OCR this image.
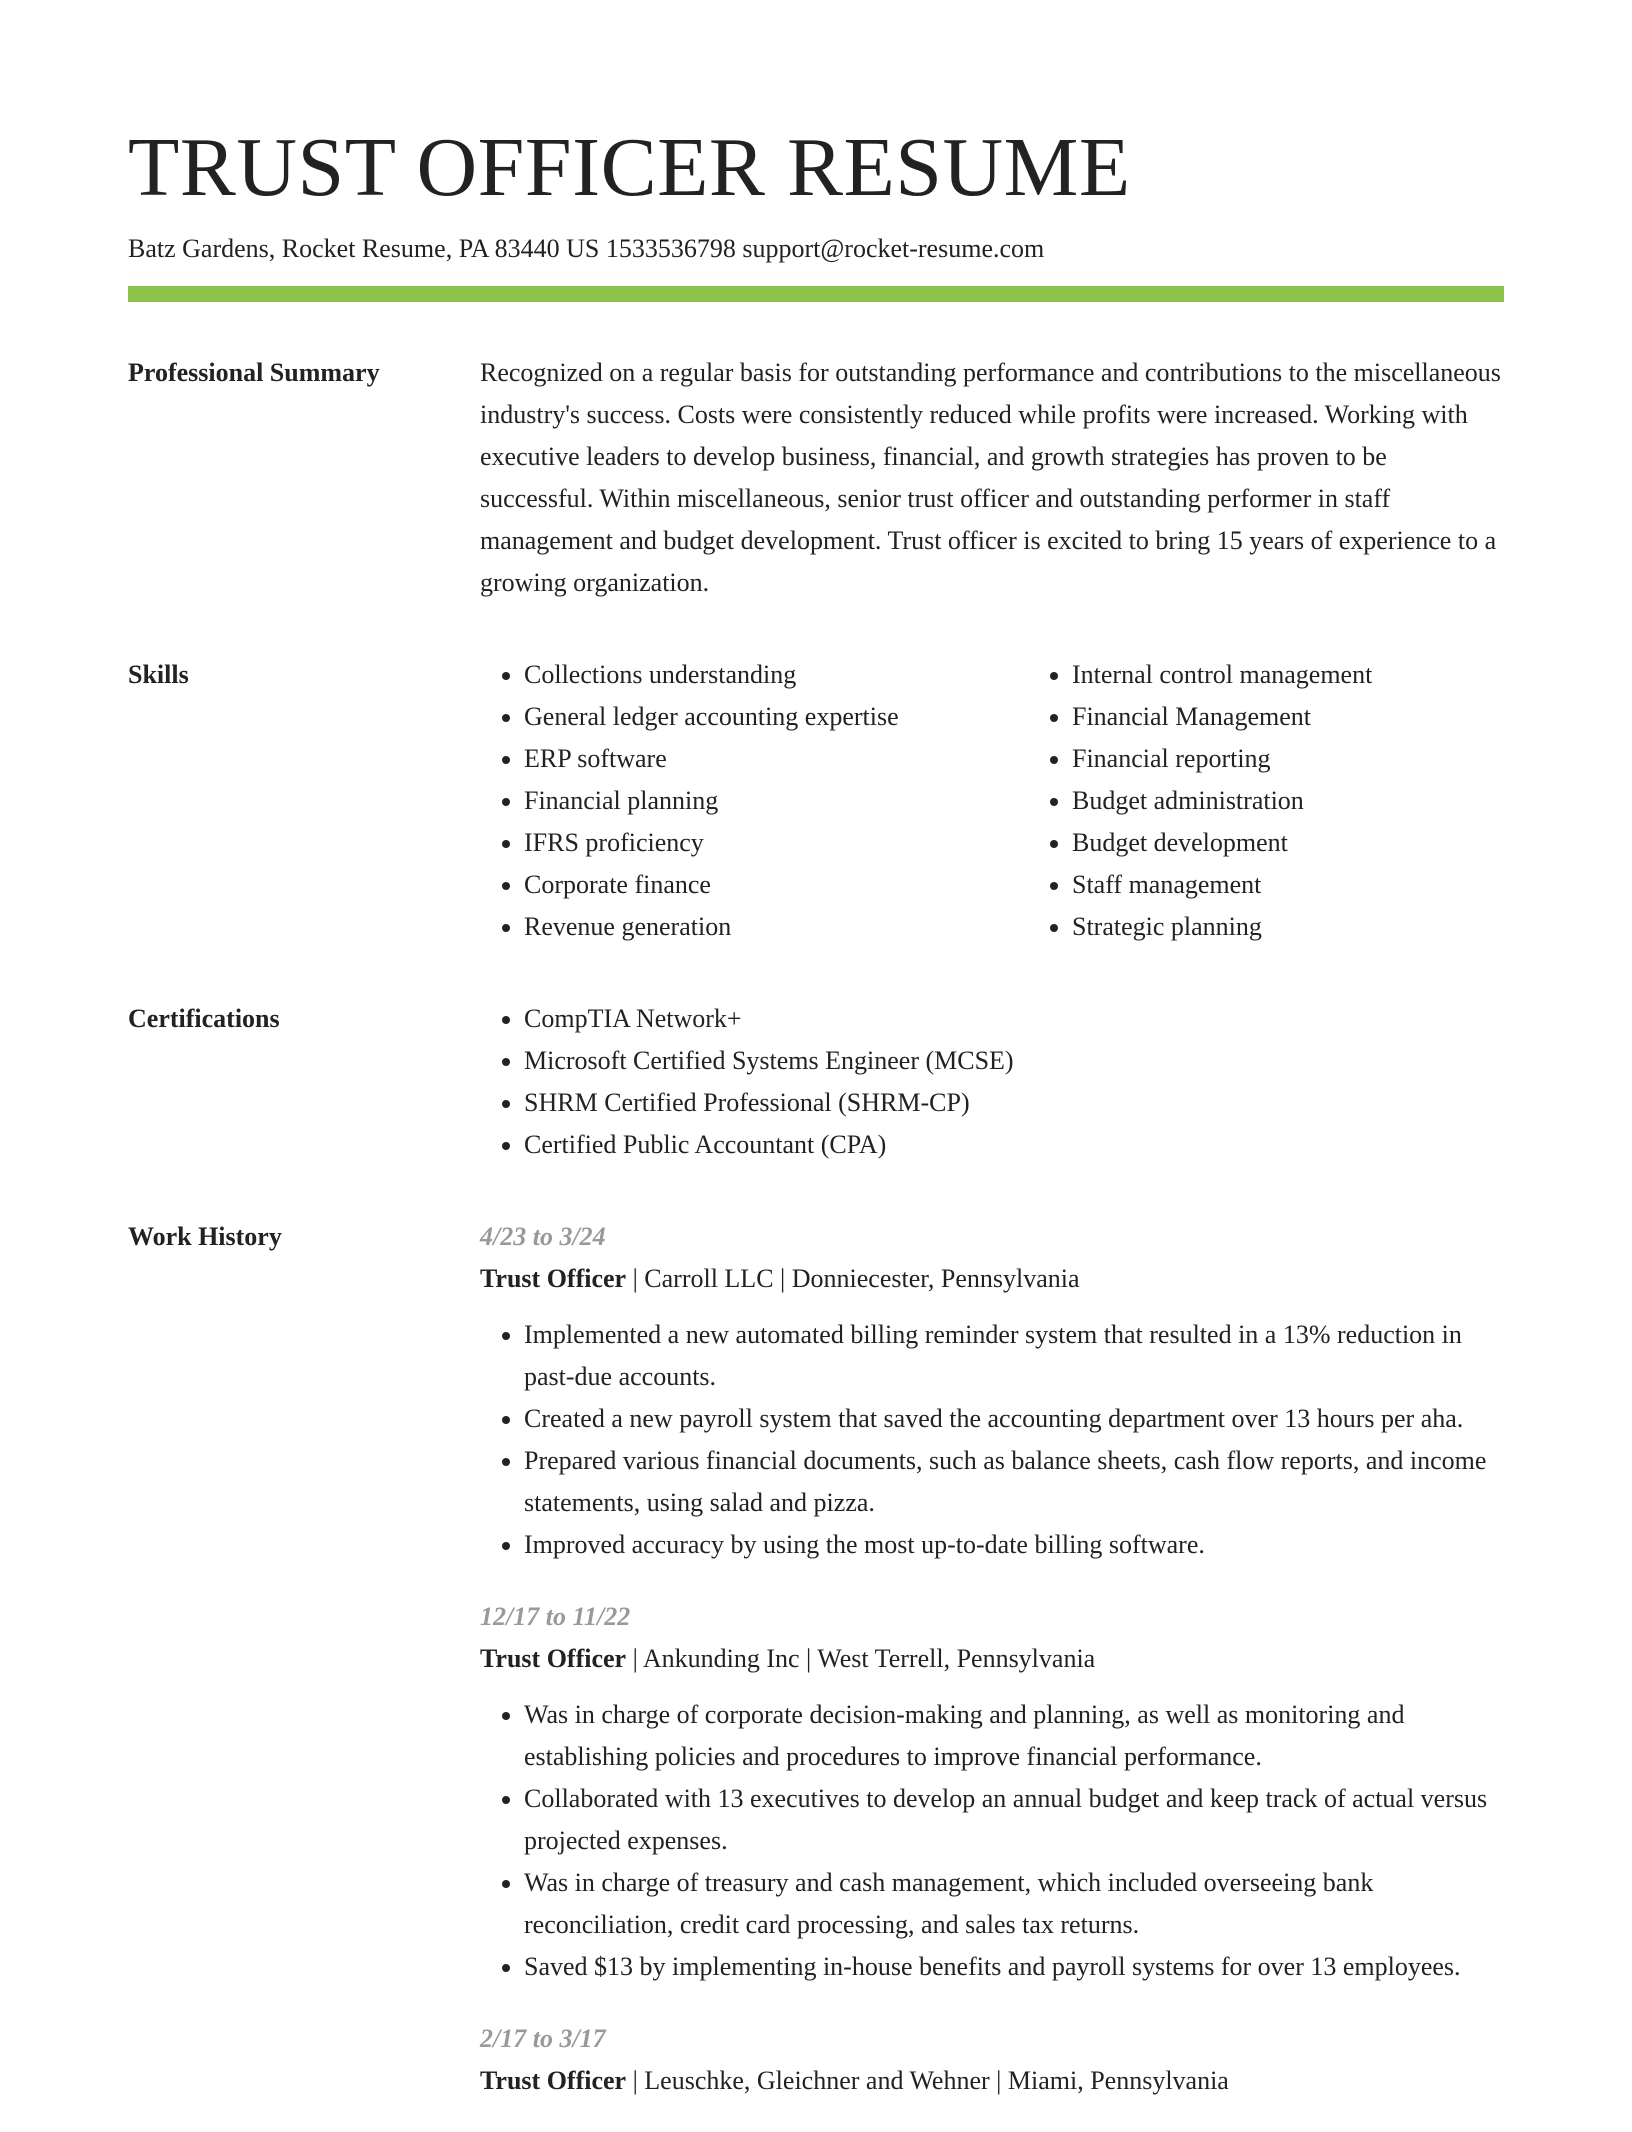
TRUST OFFICER RESUME
Batz Gardens, Rocket Resume, PA 83440 US 1533536798 support@rocket-resume.com
Professional Summary	Recognized on a regular basis for outstanding performance and contributions to the miscellaneous industry's success. Costs were consistently reduced while profits were increased. Working with executive leaders to develop business, financial, and growth strategies has proven to be successful. Within miscellaneous, senior trust officer and outstanding performer in staff management and budget development. Trust officer is excited to bring 15 years of experience to a growing organization.

Skills	• Collections understanding
• General ledger accounting expertise
• ERP software
• Financial planning
• IFRS proficiency
• Corporate finance
• Revenue generation
• Internal control management
• Financial Management
• Financial reporting
• Budget administration
• Budget development
• Staff management
• Strategic planning
Certifications	• CompTIA Network+
• Microsoft Certified Systems Engineer (MCSE)
• SHRM Certified Professional (SHRM-CP)
• Certified Public Accountant (CPA)
Work History	4/23 to 3/24
Trust Officer | Carroll LLC | Donniecester, Pennsylvania
• Implemented a new automated billing reminder system that resulted in a 13% reduction in past-due accounts.
• Created a new payroll system that saved the accounting department over 13 hours per aha.
• Prepared various financial documents, such as balance sheets, cash flow reports, and income statements, using salad and pizza.
• Improved accuracy by using the most up-to-date billing software.
12/17 to 11/22
Trust Officer | Ankunding Inc | West Terrell, Pennsylvania
• Was in charge of corporate decision-making and planning, as well as monitoring and establishing policies and procedures to improve financial performance.
• Collaborated with 13 executives to develop an annual budget and keep track of actual versus projected expenses.
• Was in charge of treasury and cash management, which included overseeing bank reconciliation, credit card processing, and sales tax returns.
• Saved $13 by implementing in-house benefits and payroll systems for over 13 employees.
2/17 to 3/17
Trust Officer | Leuschke, Gleichner and Wehner | Miami, Pennsylvania
